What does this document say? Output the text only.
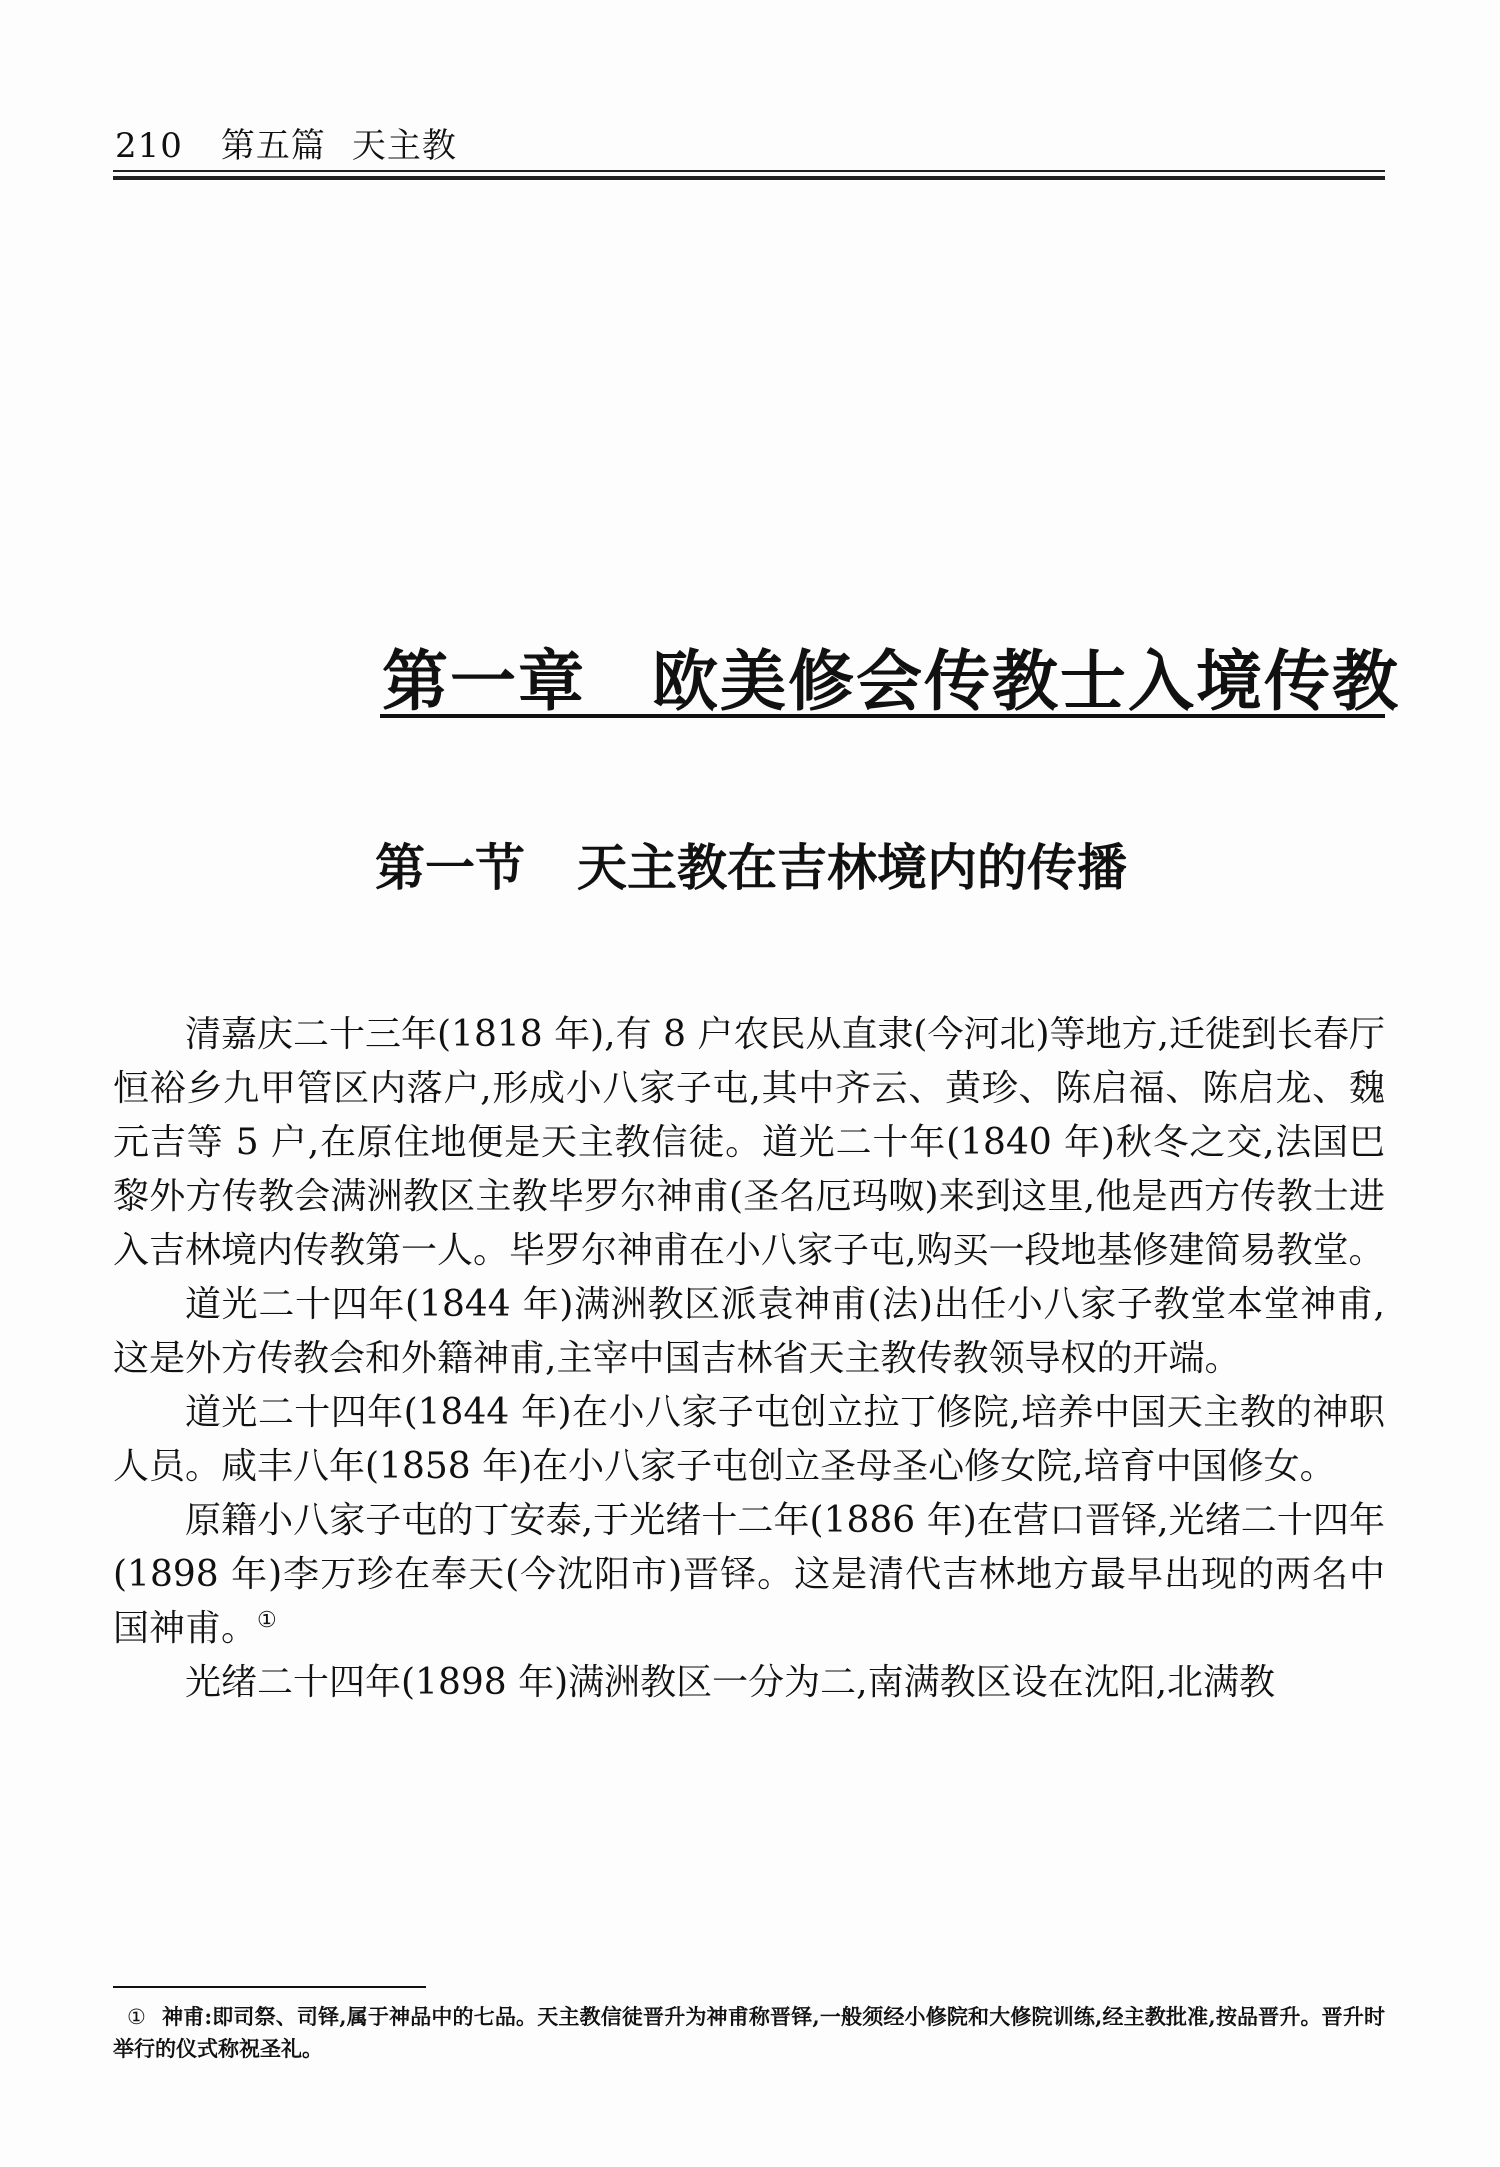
210 第五篇 天主教
第一章 欧美修会传教士入境传教
第一节 天主教在吉林境内的传播

清嘉庆二十三年(1818 年),有 8 户农民从直隶(今河北)等地方,迁徙到长春厅恒裕乡九甲管区内落户,形成小八家子屯,其中齐云、黄珍、陈启福、陈启龙、魏元吉等 5 户,在原住地便是天主教信徒。道光二十年(1840 年)秋冬之交,法国巴黎外方传教会满洲教区主教毕罗尔神甫(圣名厄玛呶)来到这里,他是西方传教士进入吉林境内传教第一人。毕罗尔神甫在小八家子屯,购买一段地基修建简易教堂。

道光二十四年(1844 年)满洲教区派袁神甫(法)出任小八家子教堂本堂神甫,这是外方传教会和外籍神甫,主宰中国吉林省天主教传教领导权的开端。

道光二十四年(1844 年)在小八家子屯创立拉丁修院,培养中国天主教的神职人员。咸丰八年(1858 年)在小八家子屯创立圣母圣心修女院,培育中国修女。

原籍小八家子屯的丁安泰,于光绪十二年(1886 年)在营口晋铎,光绪二十四年(1898 年)李万珍在奉天(今沈阳市)晋铎。这是清代吉林地方最早出现的两名中国神甫。①

光绪二十四年(1898 年)满洲教区一分为二,南满教区设在沈阳,北满教

① 神甫:即司祭、司铎,属于神品中的七品。天主教信徒晋升为神甫称晋铎,一般须经小修院和大修院训练,经主教批准,按品晋升。晋升时举行的仪式称祝圣礼。
